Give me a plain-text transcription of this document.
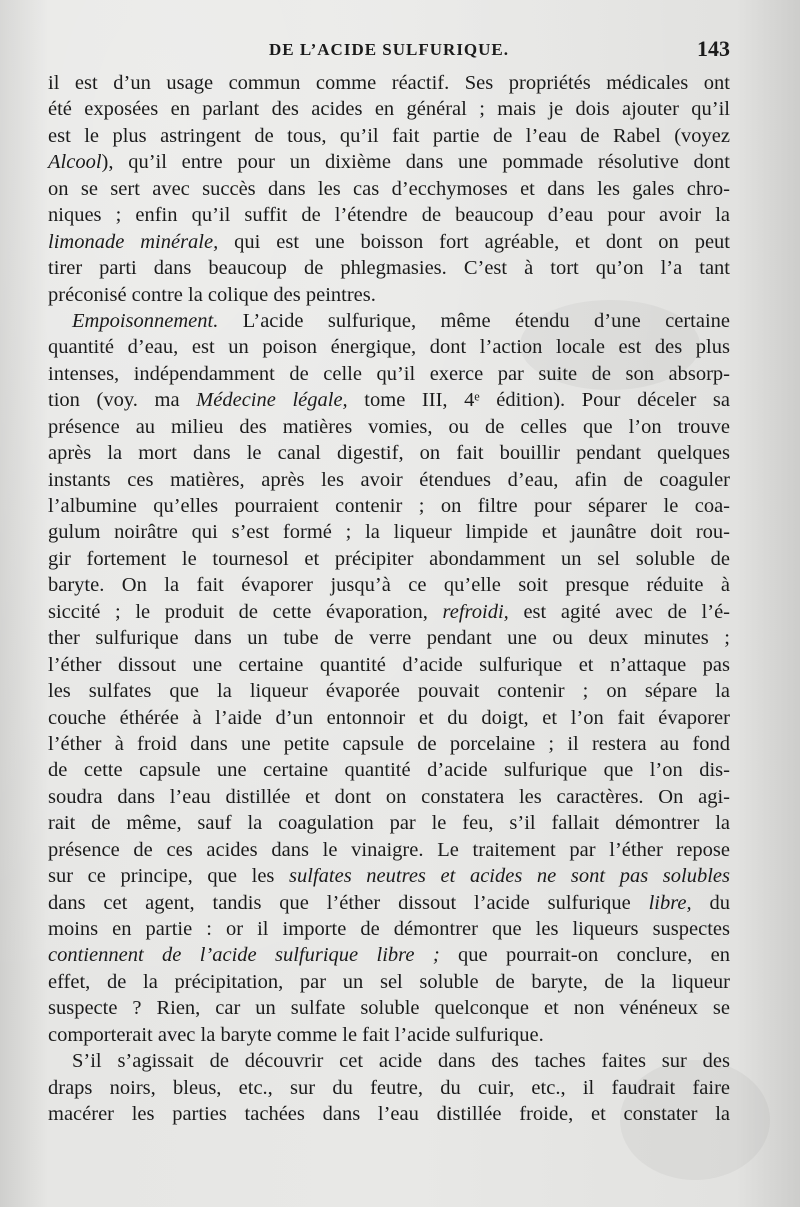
DE L’ACIDE SULFURIQUE.	143
il est d’un usage commun comme réactif. Ses propriétés médicales ont
été exposées en parlant des acides en général ; mais je dois ajouter qu’il
est le plus astringent de tous, qu’il fait partie de l’eau de Rabel (voyez
Alcool), qu’il entre pour un dixième dans une pommade résolutive dont
on se sert avec succès dans les cas d’ecchymoses et dans les gales chro-
niques ; enfin qu’il suffit de l’étendre de beaucoup d’eau pour avoir la
limonade minérale, qui est une boisson fort agréable, et dont on peut
tirer parti dans beaucoup de phlegmasies. C’est à tort qu’on l’a tant
préconisé contre la colique des peintres.
Empoisonnement. L’acide sulfurique, même étendu d’une certaine
quantité d’eau, est un poison énergique, dont l’action locale est des plus
intenses, indépendamment de celle qu’il exerce par suite de son absorp-
tion (voy. ma Médecine légale, tome III, 4ᵉ édition). Pour déceler sa
présence au milieu des matières vomies, ou de celles que l’on trouve
après la mort dans le canal digestif, on fait bouillir pendant quelques
instants ces matières, après les avoir étendues d’eau, afin de coaguler
l’albumine qu’elles pourraient contenir ; on filtre pour séparer le coa-
gulum noirâtre qui s’est formé ; la liqueur limpide et jaunâtre doit rou-
gir fortement le tournesol et précipiter abondamment un sel soluble de
baryte. On la fait évaporer jusqu’à ce qu’elle soit presque réduite à
siccité ; le produit de cette évaporation, refroidi, est agité avec de l’é-
ther sulfurique dans un tube de verre pendant une ou deux minutes ;
l’éther dissout une certaine quantité d’acide sulfurique et n’attaque pas
les sulfates que la liqueur évaporée pouvait contenir ; on sépare la
couche éthérée à l’aide d’un entonnoir et du doigt, et l’on fait évaporer
l’éther à froid dans une petite capsule de porcelaine ; il restera au fond
de cette capsule une certaine quantité d’acide sulfurique que l’on dis-
soudra dans l’eau distillée et dont on constatera les caractères. On agi-
rait de même, sauf la coagulation par le feu, s’il fallait démontrer la
présence de ces acides dans le vinaigre. Le traitement par l’éther repose
sur ce principe, que les sulfates neutres et acides ne sont pas solubles
dans cet agent, tandis que l’éther dissout l’acide sulfurique libre, du
moins en partie : or il importe de démontrer que les liqueurs suspectes
contiennent de l’acide sulfurique libre ; que pourrait-on conclure, en
effet, de la précipitation, par un sel soluble de baryte, de la liqueur
suspecte ? Rien, car un sulfate soluble quelconque et non vénéneux se
comporterait avec la baryte comme le fait l’acide sulfurique.
S’il s’agissait de découvrir cet acide dans des taches faites sur des
draps noirs, bleus, etc., sur du feutre, du cuir, etc., il faudrait faire
macérer les parties tachées dans l’eau distillée froide, et constater la
